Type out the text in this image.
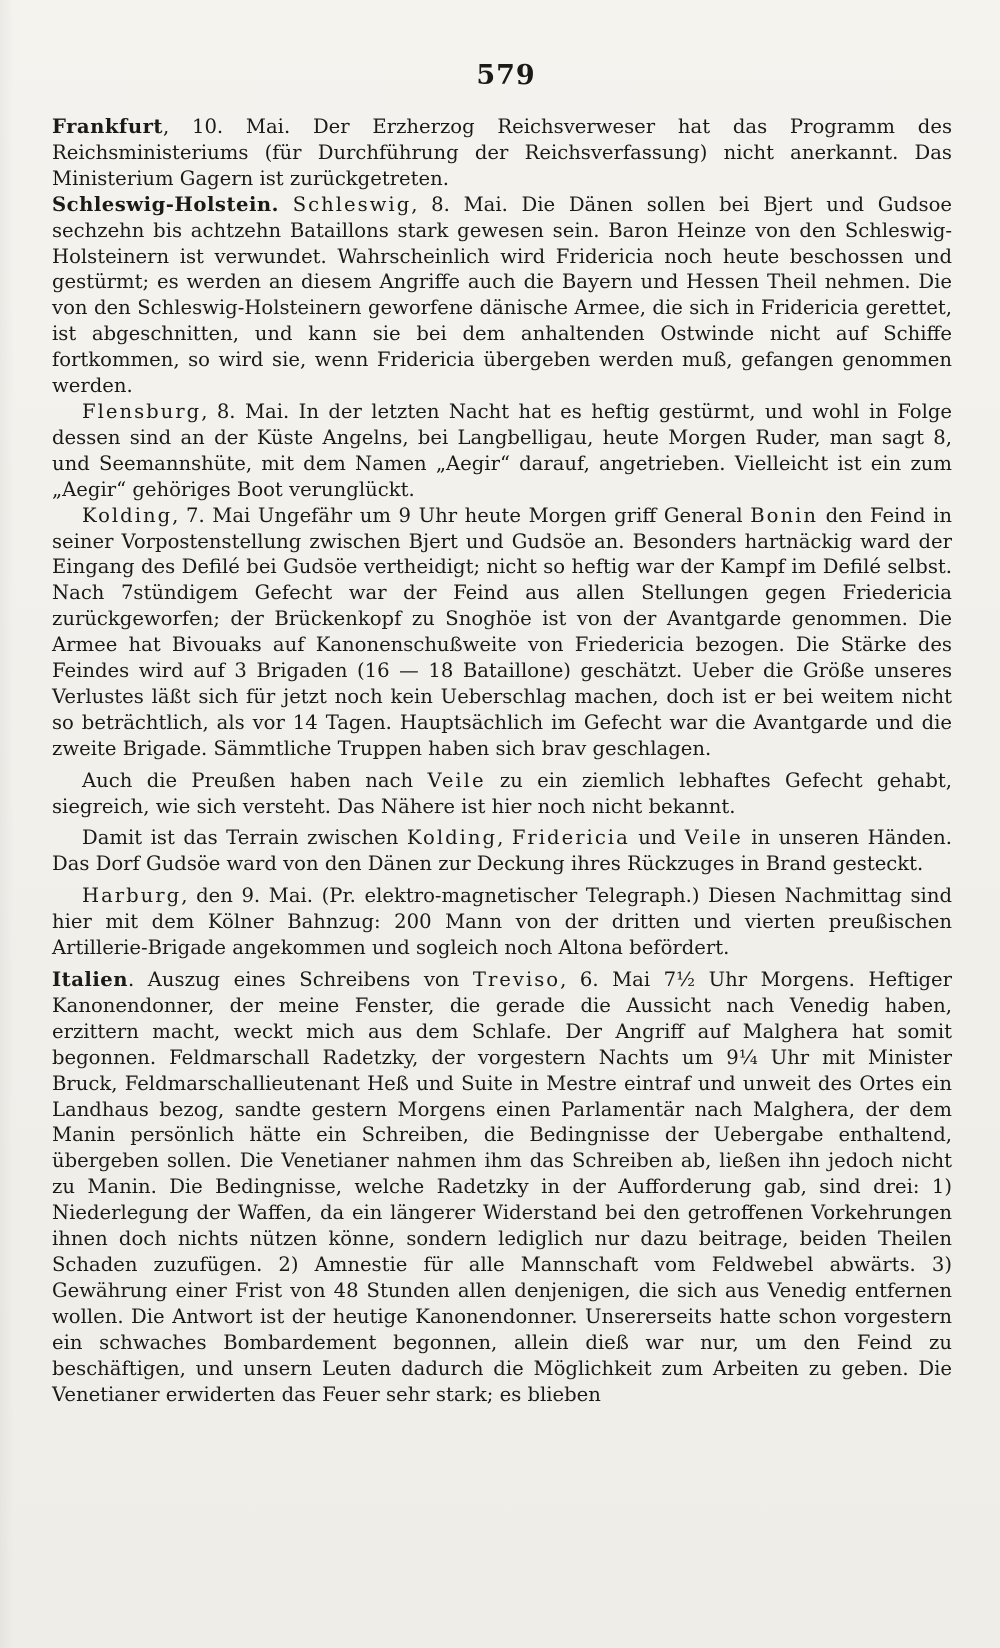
579

Frankfurt, 10. Mai. Der Erzherzog Reichsverweser hat das Programm des Reichsministeriums (für Durchführung der Reichsverfassung) nicht anerkannt. Das Ministerium Gagern ist zurückgetreten.

Schleswig-Holstein. Schleswig, 8. Mai. Die Dänen sollen bei Bjert und Gudsoe sechzehn bis achtzehn Bataillons stark gewesen sein. Baron Heinze von den Schleswig-Holsteinern ist verwundet. Wahrscheinlich wird Fridericia noch heute beschossen und gestürmt; es werden an diesem Angriffe auch die Bayern und Hessen Theil nehmen. Die von den Schleswig-Holsteinern geworfene dänische Armee, die sich in Fridericia gerettet, ist abgeschnitten, und kann sie bei dem anhaltenden Ostwinde nicht auf Schiffe fortkommen, so wird sie, wenn Fridericia übergeben werden muß, gefangen genommen werden.

Flensburg, 8. Mai. In der letzten Nacht hat es heftig gestürmt, und wohl in Folge dessen sind an der Küste Angelns, bei Langbelligau, heute Morgen Ruder, man sagt 8, und Seemannshüte, mit dem Namen „Aegir“ darauf, angetrieben. Vielleicht ist ein zum „Aegir“ gehöriges Boot verunglückt.

Kolding, 7. Mai Ungefähr um 9 Uhr heute Morgen griff General Bonin den Feind in seiner Vorpostenstellung zwischen Bjert und Gudsöe an. Besonders hartnäckig ward der Eingang des Defilé bei Gudsöe vertheidigt; nicht so heftig war der Kampf im Defilé selbst. Nach 7stündigem Gefecht war der Feind aus allen Stellungen gegen Friedericia zurückgeworfen; der Brückenkopf zu Snoghöe ist von der Avantgarde genommen. Die Armee hat Bivouaks auf Kanonenschußweite von Friedericia bezogen. Die Stärke des Feindes wird auf 3 Brigaden (16 — 18 Bataillone) geschätzt. Ueber die Größe unseres Verlustes läßt sich für jetzt noch kein Ueberschlag machen, doch ist er bei weitem nicht so beträchtlich, als vor 14 Tagen. Hauptsächlich im Gefecht war die Avantgarde und die zweite Brigade. Sämmtliche Truppen haben sich brav geschlagen.

Auch die Preußen haben nach Veile zu ein ziemlich lebhaftes Gefecht gehabt, siegreich, wie sich versteht. Das Nähere ist hier noch nicht bekannt.

Damit ist das Terrain zwischen Kolding, Fridericia und Veile in unseren Händen. Das Dorf Gudsöe ward von den Dänen zur Deckung ihres Rückzuges in Brand gesteckt.

Harburg, den 9. Mai. (Pr. elektro-magnetischer Telegraph.) Diesen Nachmittag sind hier mit dem Kölner Bahnzug: 200 Mann von der dritten und vierten preußischen Artillerie-Brigade angekommen und sogleich noch Altona befördert.

Italien. Auszug eines Schreibens von Treviso, 6. Mai 7½ Uhr Morgens. Heftiger Kanonendonner, der meine Fenster, die gerade die Aussicht nach Venedig haben, erzittern macht, weckt mich aus dem Schlafe. Der Angriff auf Malghera hat somit begonnen. Feldmarschall Radetzky, der vorgestern Nachts um 9¼ Uhr mit Minister Bruck, Feldmarschallieutenant Heß und Suite in Mestre eintraf und unweit des Ortes ein Landhaus bezog, sandte gestern Morgens einen Parlamentär nach Malghera, der dem Manin persönlich hätte ein Schreiben, die Bedingnisse der Uebergabe enthaltend, übergeben sollen. Die Venetianer nahmen ihm das Schreiben ab, ließen ihn jedoch nicht zu Manin. Die Bedingnisse, welche Radetzky in der Aufforderung gab, sind drei: 1) Niederlegung der Waffen, da ein längerer Widerstand bei den getroffenen Vorkehrungen ihnen doch nichts nützen könne, sondern lediglich nur dazu beitrage, beiden Theilen Schaden zuzufügen. 2) Amnestie für alle Mannschaft vom Feldwebel abwärts. 3) Gewährung einer Frist von 48 Stunden allen denjenigen, die sich aus Venedig entfernen wollen. Die Antwort ist der heutige Kanonendonner. Unsererseits hatte schon vorgestern ein schwaches Bombardement begonnen, allein dieß war nur, um den Feind zu beschäftigen, und unsern Leuten dadurch die Möglichkeit zum Arbeiten zu geben. Die Venetianer erwiderten das Feuer sehr stark; es blieben
